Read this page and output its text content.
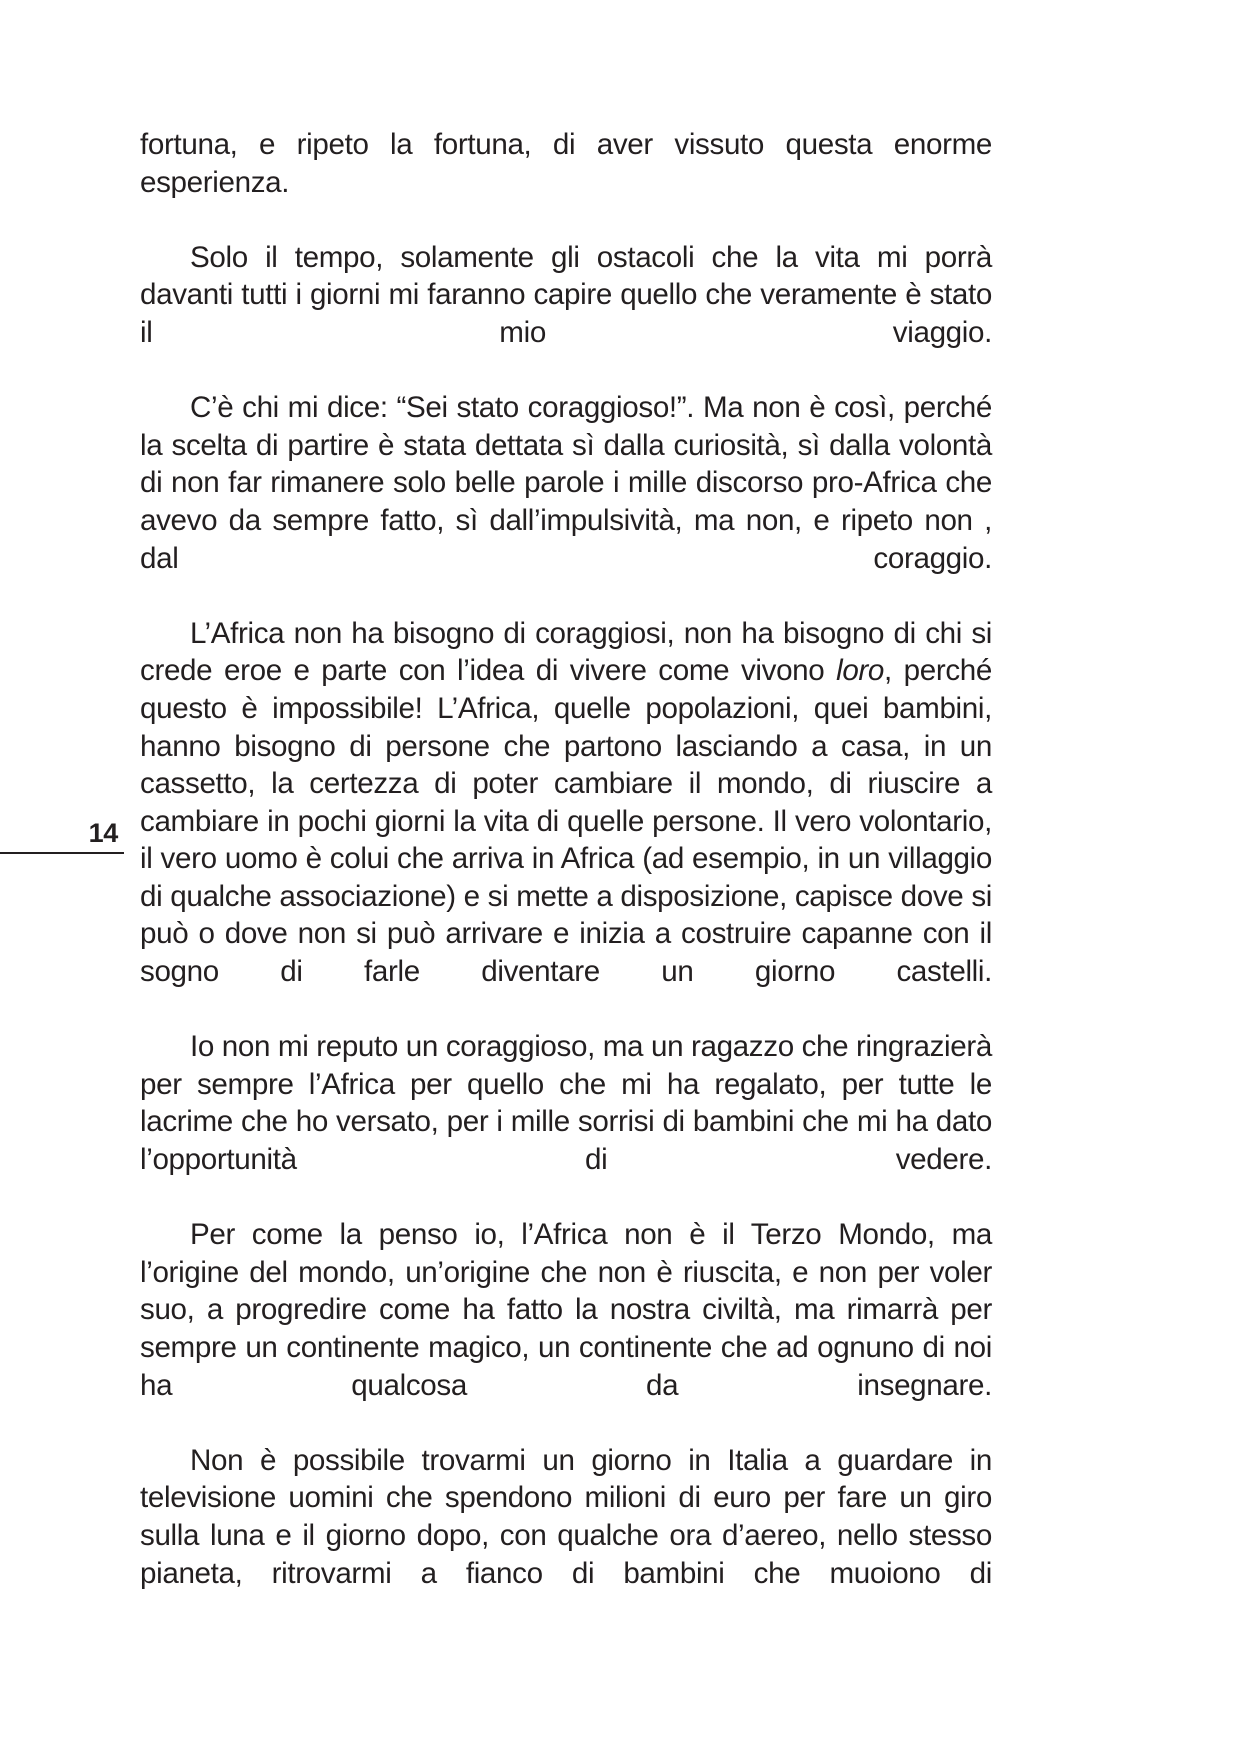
14

fortuna, e ripeto la fortuna, di aver vissuto questa enorme esperienza.

Solo il tempo, solamente gli ostacoli che la vita mi porrà davanti tutti i giorni mi faranno capire quello che veramente è stato il mio viaggio.

C’è chi mi dice: “Sei stato coraggioso!”. Ma non è così, perché la scelta di partire è stata dettata sì dalla curiosità, sì dalla volontà di non far rimanere solo belle parole i mille discorso pro-Africa che avevo da sempre fatto, sì dall’impulsività, ma non, e ripeto non , dal coraggio.

L’Africa non ha bisogno di coraggiosi, non ha bisogno di chi si crede eroe e parte con l’idea di vivere come vivono loro, perché questo è impossibile! L’Africa, quelle popolazioni, quei bambini, hanno bisogno di persone che partono lasciando a casa, in un cassetto, la certezza di poter cambiare il mondo, di riuscire a cambiare in pochi giorni la vita di quelle persone. Il vero volontario, il vero uomo è colui che arriva in Africa (ad esempio, in un villaggio di qualche associazione) e si mette a disposizione, capisce dove si può o dove non si può arrivare e inizia a costruire capanne con il sogno di farle diventare un giorno castelli.

Io non mi reputo un coraggioso, ma un ragazzo che ringrazierà per sempre l’Africa per quello che mi ha regalato, per tutte le lacrime che ho versato, per i mille sorrisi di bambini che mi ha dato l’opportunità di vedere.

Per come la penso io, l’Africa non è il Terzo Mondo, ma l’origine del mondo, un’origine che non è riuscita, e non per voler suo, a progredire come ha fatto la nostra civiltà, ma rimarrà per sempre un continente magico, un continente che ad ognuno di noi ha qualcosa da insegnare.

Non è possibile trovarmi un giorno in Italia a guardare in televisione uomini che spendono milioni di euro per fare un giro sulla luna e il giorno dopo, con qualche ora d’aereo, nello stesso pianeta, ritrovarmi a fianco di bambini che muoiono di
